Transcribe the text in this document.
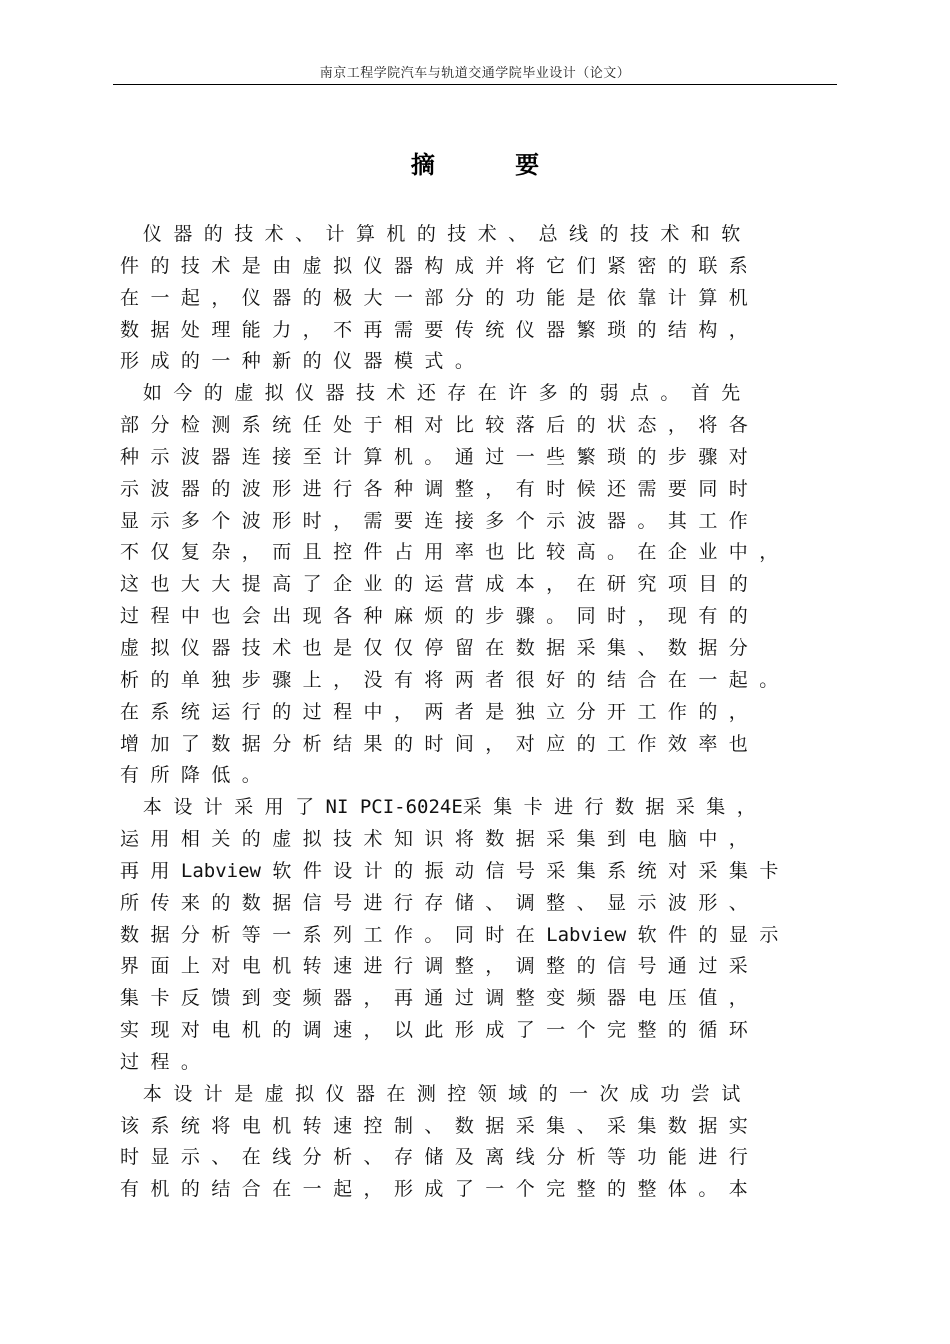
南京工程学院汽车与轨道交通学院毕业设计（论文）
摘 要
仪 器 的 技 术 、 计 算 机 的 技 术 、 总 线 的 技 术 和 软
件 的 技 术 是 由 虚 拟 仪 器 构 成 并 将 它 们 紧 密 的 联 系
在 一 起 ， 仪 器 的 极 大 一 部 分 的 功 能 是 依 靠 计 算 机
数 据 处 理 能 力 ， 不 再 需 要 传 统 仪 器 繁 琐 的 结 构 ，
形 成 的 一 种 新 的 仪 器 模 式 。
如 今 的 虚 拟 仪 器 技 术 还 存 在 许 多 的 弱 点 。 首 先
部 分 检 测 系 统 任 处 于 相 对 比 较 落 后 的 状 态 ， 将 各
种 示 波 器 连 接 至 计 算 机 。 通 过 一 些 繁 琐 的 步 骤 对
示 波 器 的 波 形 进 行 各 种 调 整 ， 有 时 候 还 需 要 同 时
显 示 多 个 波 形 时 ， 需 要 连 接 多 个 示 波 器 。 其 工 作
不 仅 复 杂 ， 而 且 控 件 占 用 率 也 比 较 高 。 在 企 业 中 ，
这 也 大 大 提 高 了 企 业 的 运 营 成 本 ， 在 研 究 项 目 的
过 程 中 也 会 出 现 各 种 麻 烦 的 步 骤 。 同 时 ， 现 有 的
虚 拟 仪 器 技 术 也 是 仅 仅 停 留 在 数 据 采 集 、 数 据 分
析 的 单 独 步 骤 上 ， 没 有 将 两 者 很 好 的 结 合 在 一 起 。
在 系 统 运 行 的 过 程 中 ， 两 者 是 独 立 分 开 工 作 的 ，
增 加 了 数 据 分 析 结 果 的 时 间 ， 对 应 的 工 作 效 率 也
有 所 降 低 。
本 设 计 采 用 了 NI PCI-6024E采 集 卡 进 行 数 据 采 集 ，
运 用 相 关 的 虚 拟 技 术 知 识 将 数 据 采 集 到 电 脑 中 ，
再 用 Labview 软 件 设 计 的 振 动 信 号 采 集 系 统 对 采 集 卡
所 传 来 的 数 据 信 号 进 行 存 储 、 调 整 、 显 示 波 形 、
数 据 分 析 等 一 系 列 工 作 。 同 时 在 Labview 软 件 的 显 示
界 面 上 对 电 机 转 速 进 行 调 整 ， 调 整 的 信 号 通 过 采
集 卡 反 馈 到 变 频 器 ， 再 通 过 调 整 变 频 器 电 压 值 ，
实 现 对 电 机 的 调 速 ， 以 此 形 成 了 一 个 完 整 的 循 环
过 程 。
本 设 计 是 虚 拟 仪 器 在 测 控 领 域 的 一 次 成 功 尝 试
该 系 统 将 电 机 转 速 控 制 、 数 据 采 集 、 采 集 数 据 实
时 显 示 、 在 线 分 析 、 存 储 及 离 线 分 析 等 功 能 进 行
有 机 的 结 合 在 一 起 ， 形 成 了 一 个 完 整 的 整 体 。 本
